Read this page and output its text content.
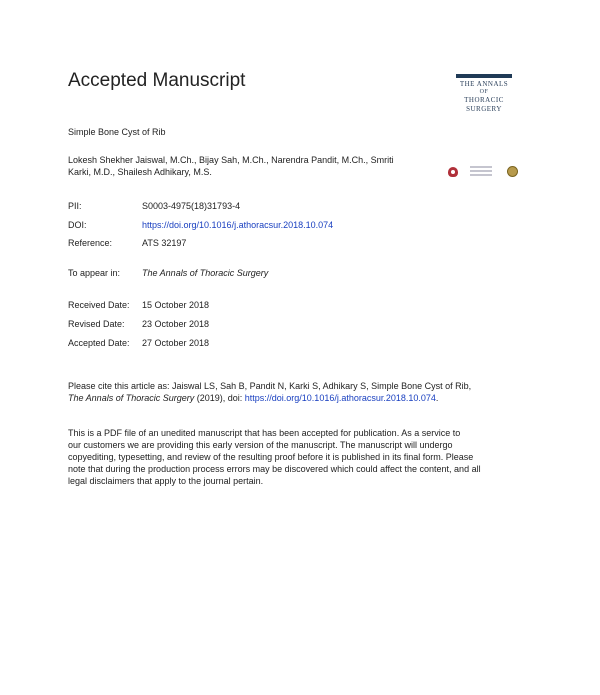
Accepted Manuscript	THE ANNALS
OF
THORACIC SURGERY
Simple Bone Cyst of Rib
Lokesh Shekher Jaiswal, M.Ch., Bijay Sah, M.Ch., Narendra Pandit, M.Ch., Smriti
Karki, M.D., Shailesh Adhikary, M.S.
PII:	S0003-4975(18)31793-4
DOI:	https://doi.org/10.1016/j.athoracsur.2018.10.074
Reference:	ATS 32197
To appear in: The Annals of Thoracic Surgery
Received Date: 15 October 2018
Revised Date: 23 October 2018
Accepted Date: 27 October 2018
Please cite this article as: Jaiswal LS, Sah B, Pandit N, Karki S, Adhikary S, Simple Bone Cyst of Rib,
The Annals of Thoracic Surgery (2019), doi: https://doi.org/10.1016/j.athoracsur.2018.10.074.
This is a PDF file of an unedited manuscript that has been accepted for publication. As a service to
our customers we are providing this early version of the manuscript. The manuscript will undergo
copyediting, typesetting, and review of the resulting proof before it is published in its final form. Please
note that during the production process errors may be discovered which could affect the content, and all
legal disclaimers that apply to the journal pertain.
